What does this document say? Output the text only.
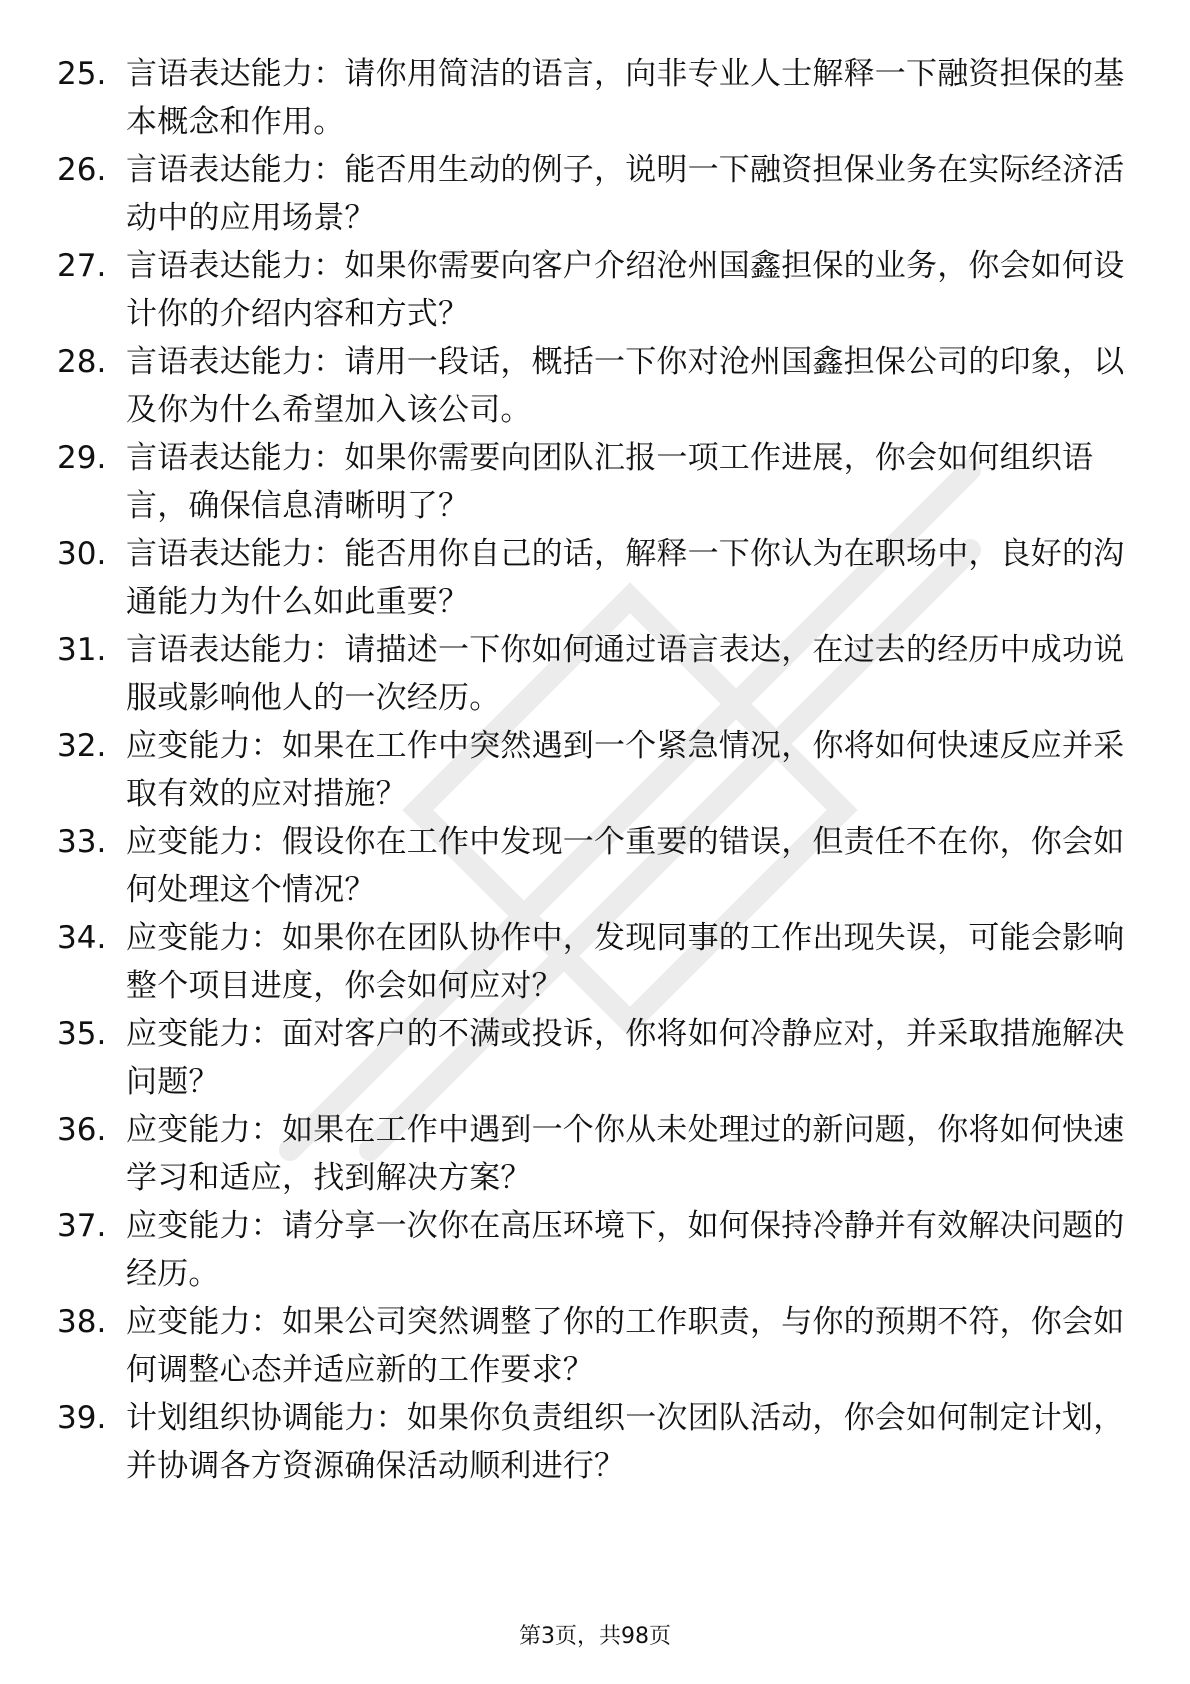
25. 言语表达能力：请你用简洁的语言，向非专业人士解释一下融资担保的基本概念和作用。
26. 言语表达能力：能否用生动的例子，说明一下融资担保业务在实际经济活动中的应用场景？
27. 言语表达能力：如果你需要向客户介绍沧州国鑫担保的业务，你会如何设计你的介绍内容和方式？
28. 言语表达能力：请用一段话，概括一下你对沧州国鑫担保公司的印象，以及你为什么希望加入该公司。
29. 言语表达能力：如果你需要向团队汇报一项工作进展，你会如何组织语言，确保信息清晰明了？
30. 言语表达能力：能否用你自己的话，解释一下你认为在职场中，良好的沟通能力为什么如此重要？
31. 言语表达能力：请描述一下你如何通过语言表达，在过去的经历中成功说服或影响他人的一次经历。
32. 应变能力：如果在工作中突然遇到一个紧急情况，你将如何快速反应并采取有效的应对措施？
33. 应变能力：假设你在工作中发现一个重要的错误，但责任不在你，你会如何处理这个情况？
34. 应变能力：如果你在团队协作中，发现同事的工作出现失误，可能会影响整个项目进度，你会如何应对？
35. 应变能力：面对客户的不满或投诉，你将如何冷静应对，并采取措施解决问题？
36. 应变能力：如果在工作中遇到一个你从未处理过的新问题，你将如何快速学习和适应，找到解决方案？
37. 应变能力：请分享一次你在高压环境下，如何保持冷静并有效解决问题的经历。
38. 应变能力：如果公司突然调整了你的工作职责，与你的预期不符，你会如何调整心态并适应新的工作要求？
39. 计划组织协调能力：如果你负责组织一次团队活动，你会如何制定计划，并协调各方资源确保活动顺利进行？
第3页，共98页
